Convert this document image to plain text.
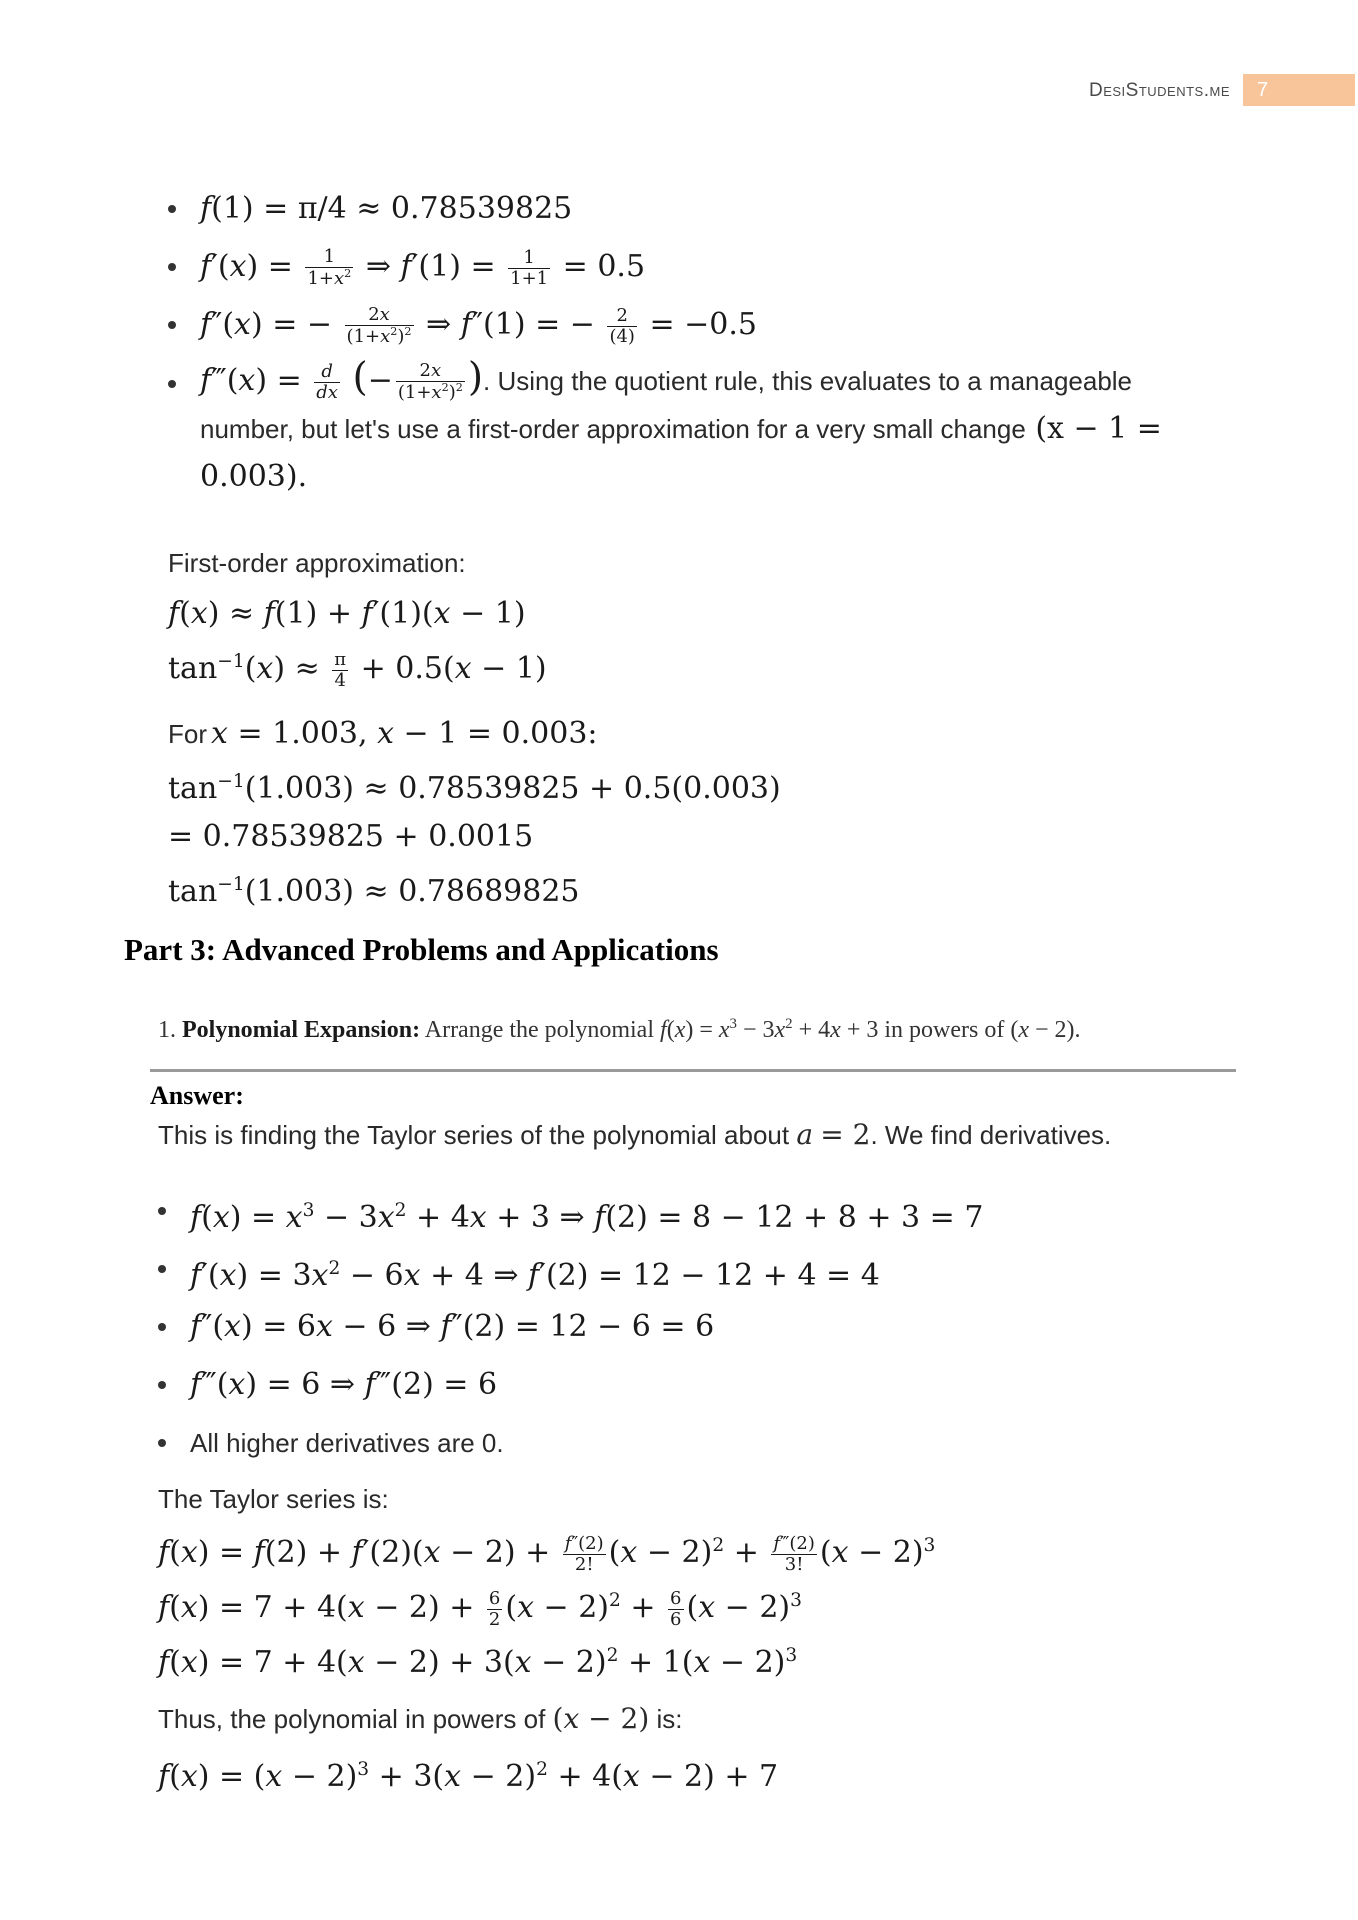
DesiStudents.me	7
f(1) = π/4 ≈ 0.78539825
$f'(x) = \frac{1}{1+x^2}$ ⇒ $f'(1) = \frac{1}{1+1} = 0.5$
f″(x) = − $\frac{2x}{(1+x^2)^2}$ ⇒ f″(1) = − $\frac{2}{(4)} = -0.5$
f‴(x) = $\frac{d}{dx}$ (− $\frac{2x}{(1+x^2)^2}$ ). Using the quotient rule, this evaluates to a manageable
number, but let's use a first-order approximation for a very small change (x − 1 =
0.003).
First-order approximation:
f(x) ≈ f(1) + f′(1)(x − 1)
$\tan^{-1}(x) \approx \frac{\pi}{4} + 0.5(x - 1)$
For x = 1.003, x − 1 = 0.003:
$\tan^{-1}(1.003) \approx 0.78539825 + 0.5(0.003)$
= 0.78539825 + 0.0015
$\tan^{-1}(1.003) \approx 0.78689825$
Part 3: Advanced Problems and Applications
1. Polynomial Expansion: Arrange the polynomial $f(x) = x^3 - 3x^2 + 4x + 3$ in powers of (x − 2).
Answer:
This is finding the Taylor series of the polynomial about a = 2. We find derivatives.
$f(x) = x^3 - 3x^2 + 4x + 3$ ⇒ f(2) = 8 − 12 + 8 + 3 = 7
$f'(x) = 3x^2 - 6x + 4$ ⇒ f′(2) = 12 − 12 + 4 = 4
f″(x) = 6x − 6 ⇒ f″(2) = 12 − 6 = 6
f‴(x) = 6 ⇒ f‴(2) = 6
All higher derivatives are 0.
The Taylor series is:
$f(x) = f(2) + f'(2)(x - 2) + \frac{f''(2)}{2!} (x - 2)^2 + \frac{f‴(2)}{3!} (x - 2)^3$
$f(x) = 7 + 4(x - 2) + \frac{6}{2} (x - 2)^2 + \frac{6}{6} (x - 2)^3$
$f(x) = 7 + 4(x - 2) + 3(x - 2)^2 + 1(x - 2)^3$
Thus, the polynomial in powers of (x − 2) is:
$f(x) = (x - 2)^3 + 3(x - 2)^2 + 4(x - 2) + 7$
